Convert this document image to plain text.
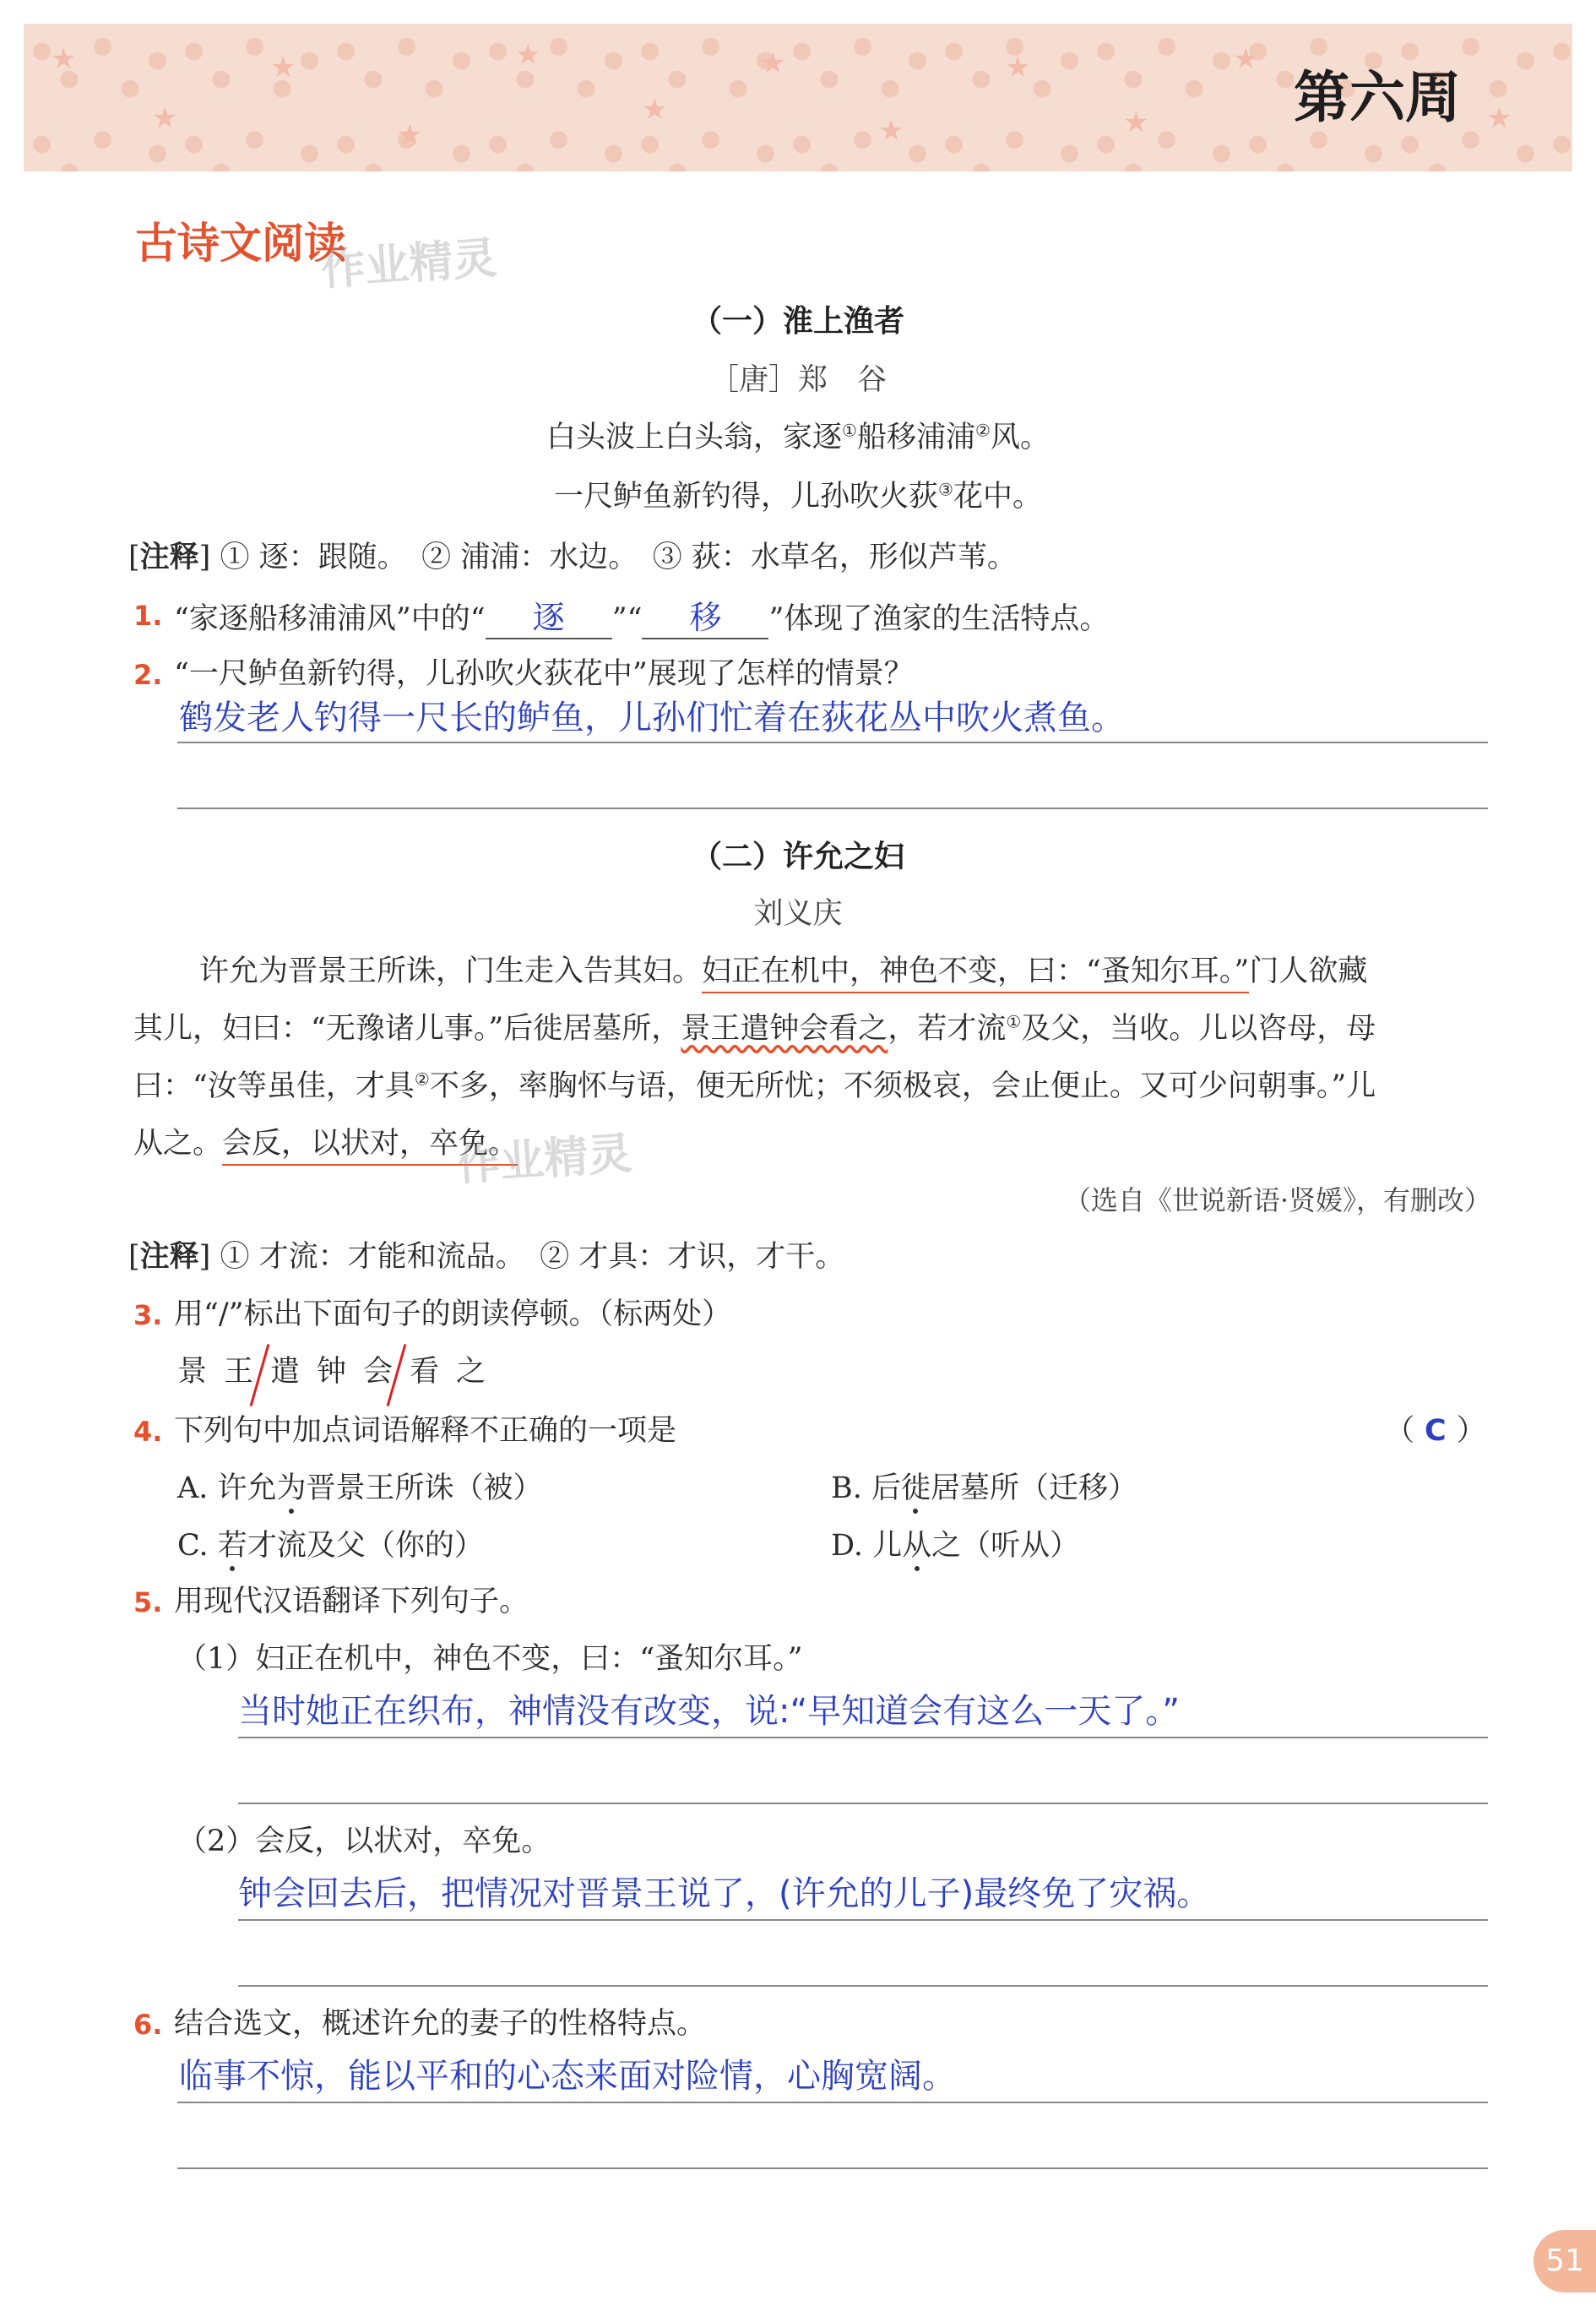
★
★
★
★
★
★
★
★
★
★
★
★
第六周
古诗文阅读
作业精灵
（一）淮上渔者
［唐］郑　谷
白头波上白头翁，家逐①船移浦浦②风。
一尺鲈鱼新钓得，儿孙吹火荻③花中。
[注释] ① 逐：跟随。　② 浦浦：水边。　③ 荻：水草名，形似芦苇。
1. “家逐船移浦浦风”中的“ 逐 ”“ 移 ”体现了渔家的生活特点。
2. “一尺鲈鱼新钓得，儿孙吹火荻花中”展现了怎样的情景？
鹤发老人钓得一尺长的鲈鱼，儿孙们忙着在荻花丛中吹火煮鱼。
（二）许允之妇
刘义庆
许允为晋景王所诛，门生走入告其妇。妇正在机中，神色不变，曰：“蚤知尔耳。”门人欲藏
其儿，妇曰：“无豫诸儿事。”后徙居墓所，景王遣钟会看之，若才流①及父，当收。儿以咨母，母
曰：“汝等虽佳，才具②不多，率胸怀与语，便无所忧；不须极哀，会止便止。又可少问朝事。”儿
从之。会反，以状对，卒免。
作业精灵
（选自《世说新语·贤媛》，有删改）
[注释] ① 才流：才能和流品。　② 才具：才识，才干。
3. 用“/”标出下面句子的朗读停顿。（标两处）
景 王 遣 钟 会 看 之
4. 下列句中加点词语解释不正确的一项是	（ C ）
A. 许允为晋景王所诛（被）	B. 后徙居墓所（迁移）
C. 若才流及父（你的）	D. 儿从之（听从）
5. 用现代汉语翻译下列句子。
（1）妇正在机中，神色不变，曰：“蚤知尔耳。”
当时她正在织布，神情没有改变，说:“早知道会有这么一天了。”
（2）会反，以状对，卒免。
钟会回去后，把情况对晋景王说了，(许允的儿子)最终免了灾祸。
6. 结合选文，概述许允的妻子的性格特点。
临事不惊，能以平和的心态来面对险情，心胸宽阔。
51
